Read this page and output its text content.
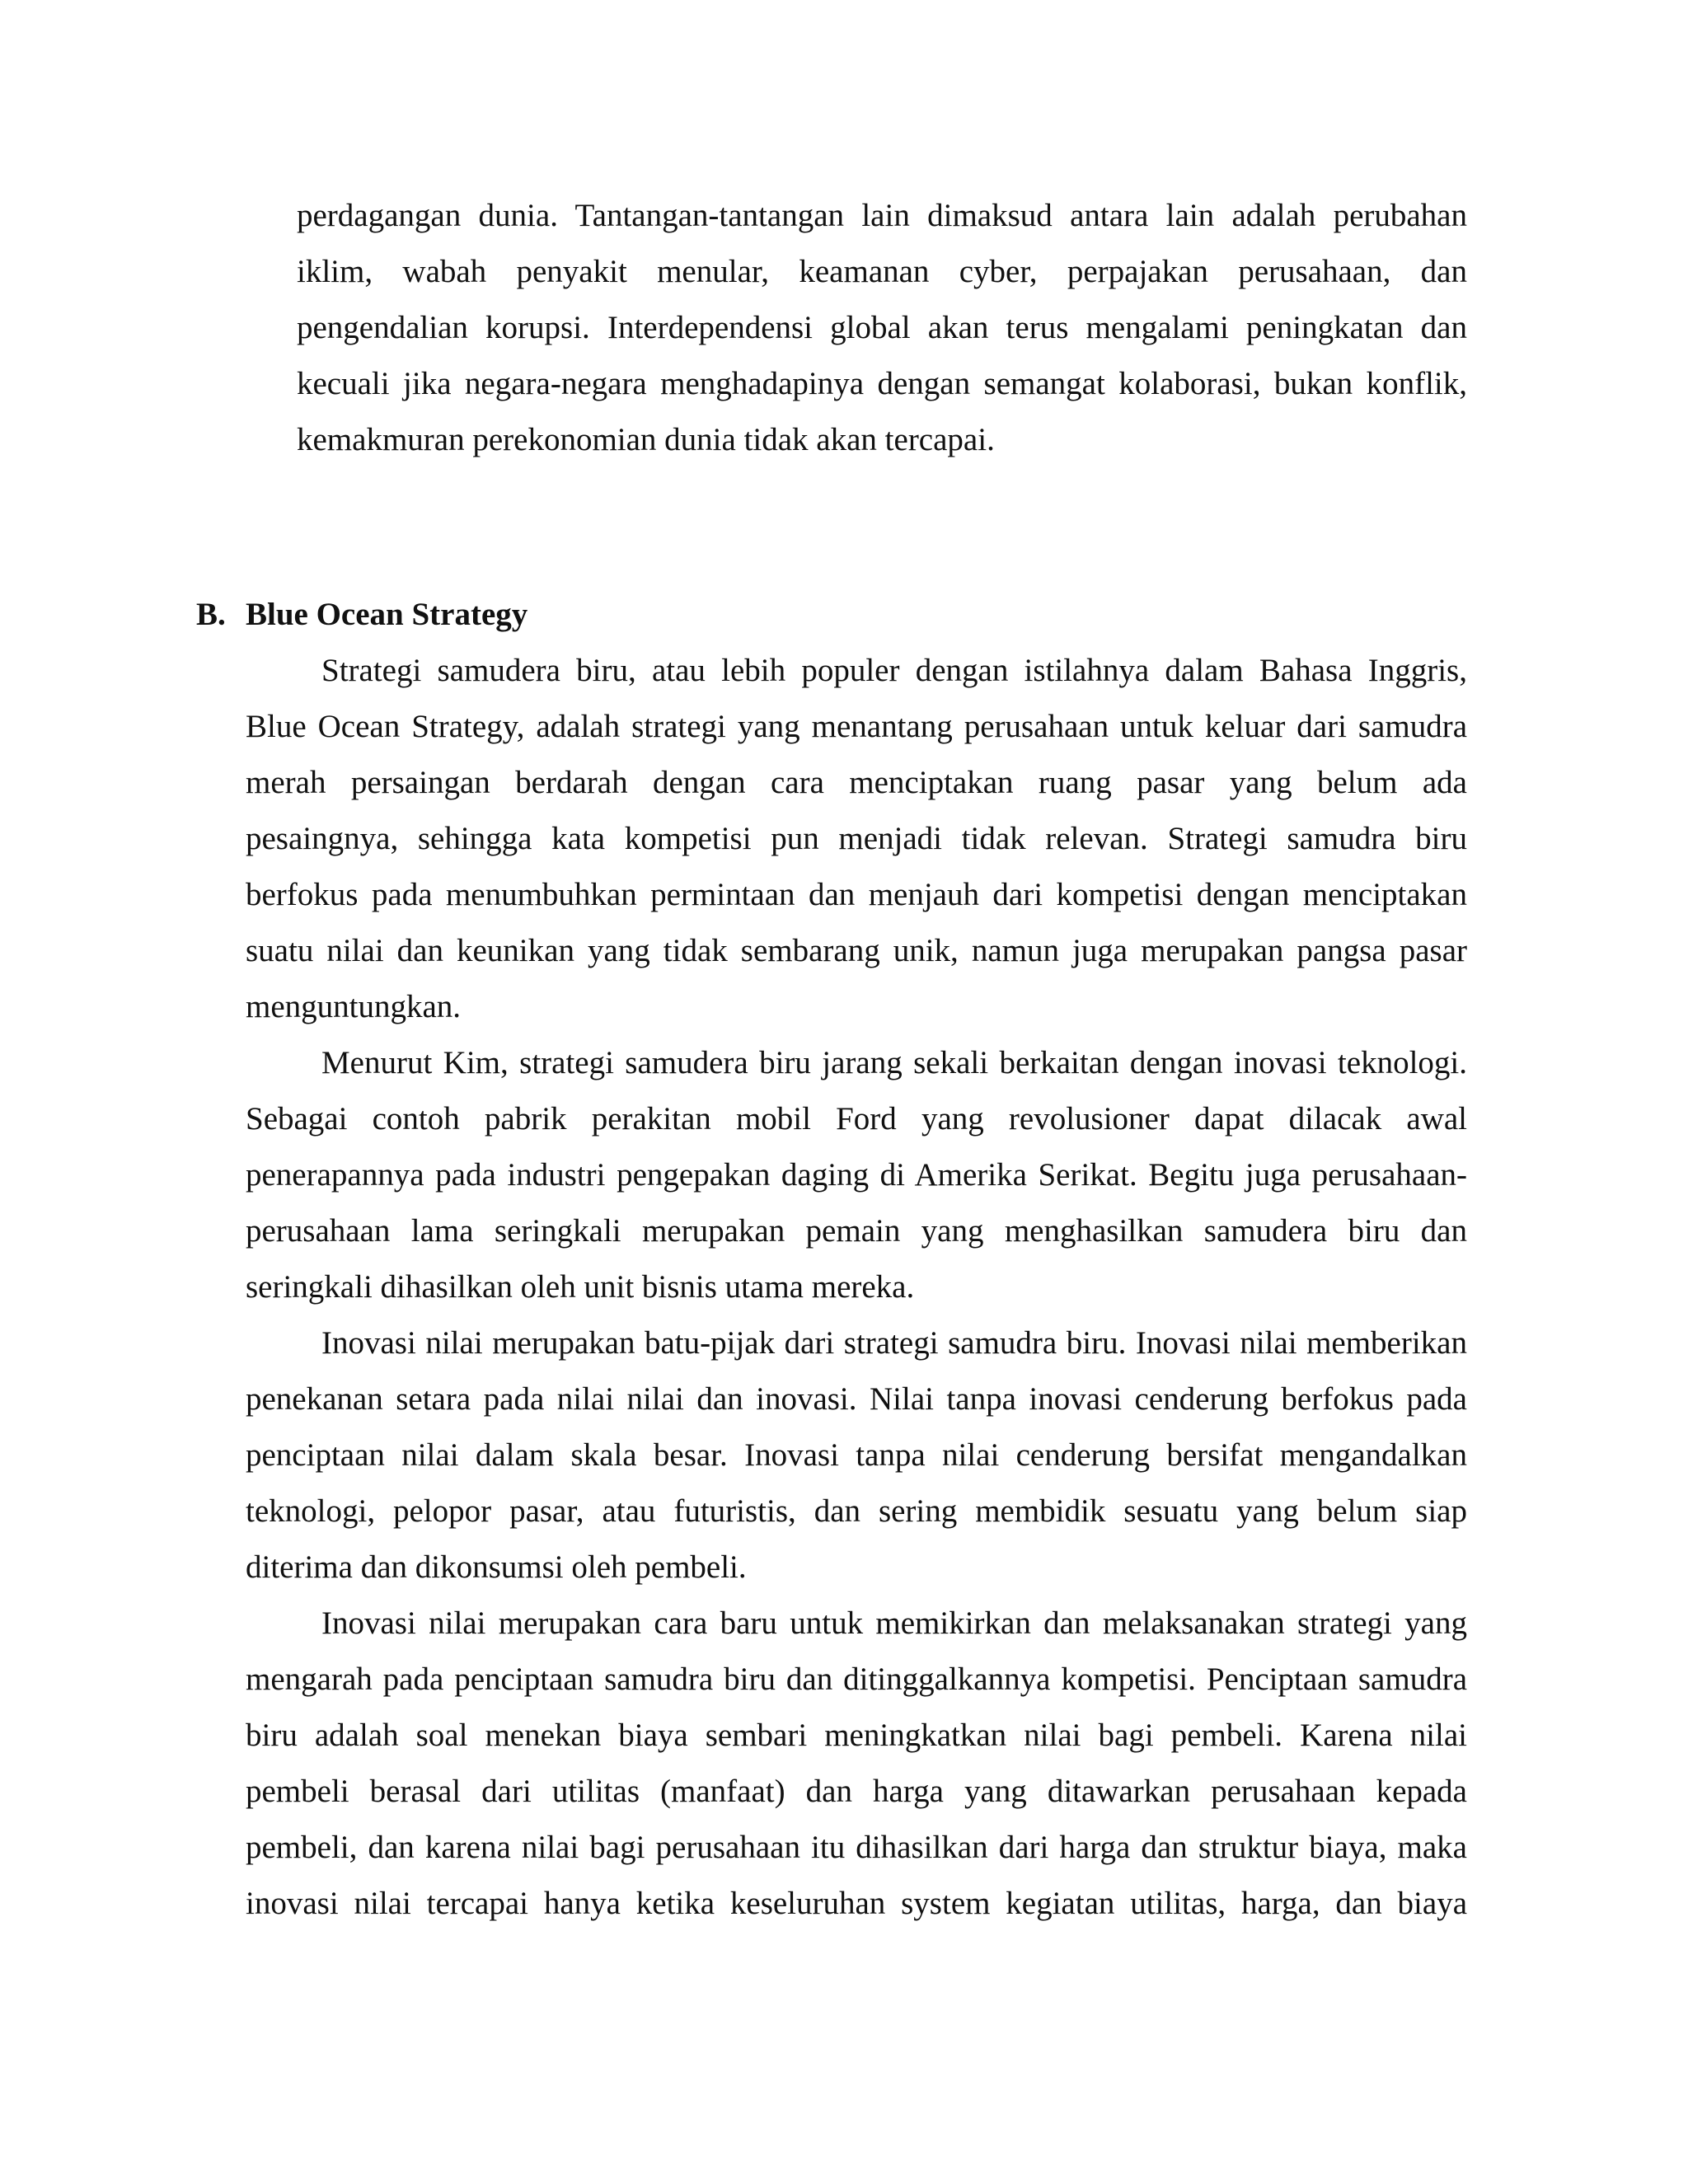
perdagangan dunia. Tantangan-tantangan lain dimaksud antara lain adalah perubahan
iklim, wabah penyakit menular, keamanan cyber, perpajakan perusahaan, dan
pengendalian korupsi. Interdependensi global akan terus mengalami peningkatan dan
kecuali jika negara-negara menghadapinya dengan semangat kolaborasi, bukan konflik,
kemakmuran perekonomian dunia tidak akan tercapai.
B. Blue Ocean Strategy
Strategi samudera biru, atau lebih populer dengan istilahnya dalam Bahasa Inggris,
Blue Ocean Strategy, adalah strategi yang menantang perusahaan untuk keluar dari samudra
merah persaingan berdarah dengan cara menciptakan ruang pasar yang belum ada
pesaingnya, sehingga kata kompetisi pun menjadi tidak relevan. Strategi samudra biru
berfokus pada menumbuhkan permintaan dan menjauh dari kompetisi dengan menciptakan
suatu nilai dan keunikan yang tidak sembarang unik, namun juga merupakan pangsa pasar
menguntungkan.
Menurut Kim, strategi samudera biru jarang sekali berkaitan dengan inovasi teknologi.
Sebagai contoh pabrik perakitan mobil Ford yang revolusioner dapat dilacak awal
penerapannya pada industri pengepakan daging di Amerika Serikat. Begitu juga perusahaan-
perusahaan lama seringkali merupakan pemain yang menghasilkan samudera biru dan
seringkali dihasilkan oleh unit bisnis utama mereka.
Inovasi nilai merupakan batu-pijak dari strategi samudra biru. Inovasi nilai memberikan
penekanan setara pada nilai nilai dan inovasi. Nilai tanpa inovasi cenderung berfokus pada
penciptaan nilai dalam skala besar. Inovasi tanpa nilai cenderung bersifat mengandalkan
teknologi, pelopor pasar, atau futuristis, dan sering membidik sesuatu yang belum siap
diterima dan dikonsumsi oleh pembeli.
Inovasi nilai merupakan cara baru untuk memikirkan dan melaksanakan strategi yang
mengarah pada penciptaan samudra biru dan ditinggalkannya kompetisi. Penciptaan samudra
biru adalah soal menekan biaya sembari meningkatkan nilai bagi pembeli. Karena nilai
pembeli berasal dari utilitas (manfaat) dan harga yang ditawarkan perusahaan kepada
pembeli, dan karena nilai bagi perusahaan itu dihasilkan dari harga dan struktur biaya, maka
inovasi nilai tercapai hanya ketika keseluruhan system kegiatan utilitas, harga, dan biaya
